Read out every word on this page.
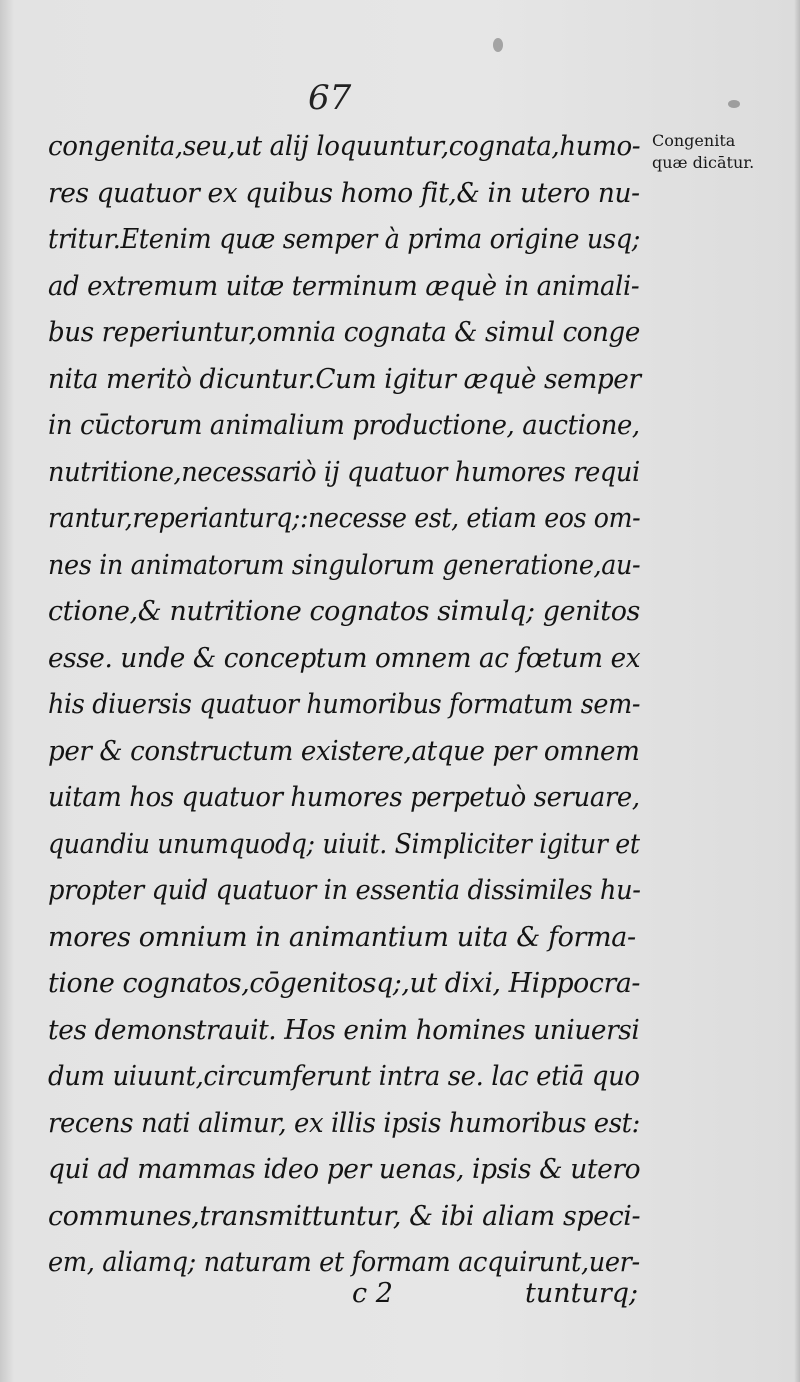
67
Congenita
quæ dicātur.
congenita,seu,ut alij loquuntur,cognata,humo-
res quatuor ex quibus homo fit,& in utero nu-
tritur.Etenim quæ semper à prima origine usq;
ad extremum uitæ terminum æquè in animali-
bus reperiuntur,omnia cognata & simul conge
nita meritò dicuntur.Cum igitur æquè semper
in cūctorum animalium productione, auctione,
nutritione,necessariò ij quatuor humores requi
rantur,reperianturq;:necesse est, etiam eos om-
nes in animatorum singulorum generatione,au-
ctione,& nutritione cognatos simulq; genitos
esse. unde & conceptum omnem ac fœtum ex
his diuersis quatuor humoribus formatum sem-
per & constructum existere,atque per omnem
uitam hos quatuor humores perpetuò seruare,
quandiu unumquodq; uiuit. Simpliciter igitur et
propter quid quatuor in essentia dissimiles hu-
mores omnium in animantium uita & forma-
tione cognatos,cōgenitosq;,ut dixi, Hippocra-
tes demonstrauit. Hos enim homines uniuersi
dum uiuunt,circumferunt intra se. lac etiā quo
recens nati alimur, ex illis ipsis humoribus est:
qui ad mammas ideo per uenas, ipsis & utero
communes,transmittuntur, & ibi aliam speci-
em, aliamq; naturam et formam acquirunt,uer-
c 2	tunturq;
